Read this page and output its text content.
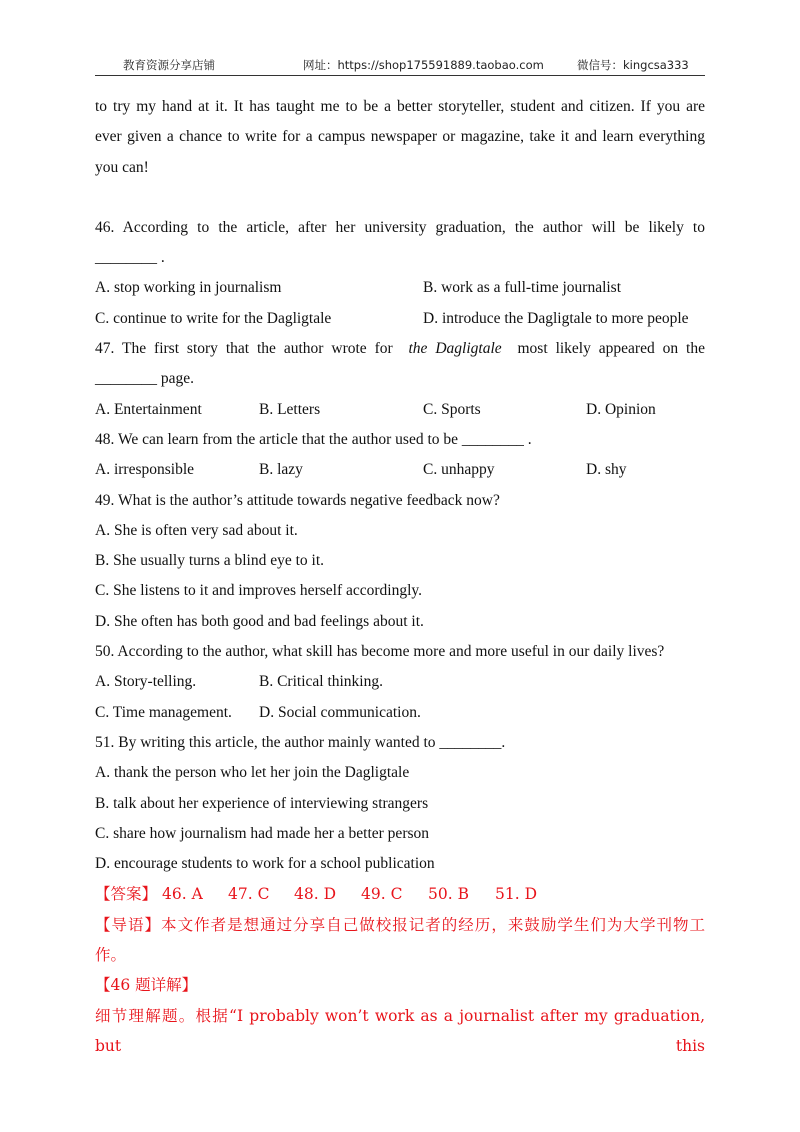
教育资源分享店铺	网址：https://shop175591889.taobao.com	微信号：kingcsa333
to try my hand at it. It has taught me to be a better storyteller, student and citizen. If you are
ever given a chance to write for a campus newspaper or magazine, take it and learn everything
you can!
46. According to the article, after her university graduation, the author will be likely to
________ .
A. stop working in journalism	B. work as a full-time journalist
C. continue to write for the Dagligtale	D. introduce the Dagligtale to more people
47. The first story that the author wrote for the Dagligtale most likely appeared on the
________ page.
A. Entertainment	B. Letters	C. Sports	D. Opinion
48. We can learn from the article that the author used to be ________ .
A. irresponsible	B. lazy	C. unhappy	D. shy
49. What is the author’s attitude towards negative feedback now?
A. She is often very sad about it.
B. She usually turns a blind eye to it.
C. She listens to it and improves herself accordingly.
D. She often has both good and bad feelings about it.
50. According to the author, what skill has become more and more useful in our daily lives?
A. Story-telling.	B. Critical thinking.
C. Time management. D. Social communication.
51. By writing this article, the author mainly wanted to ________.
A. thank the person who let her join the Dagligtale
B. talk about her experience of interviewing strangers
C. share how journalism had made her a better person
D. encourage students to work for a school publication
【答案】 46. A 47. C 48. D 49. C 50. B 51. D
【导语】本文作者是想通过分享自己做校报记者的经历，来鼓励学生们为大学刊物工
作。
【46 题详解】
细节理解题。根据“I probably won’t work as a journalist after my graduation, but this
